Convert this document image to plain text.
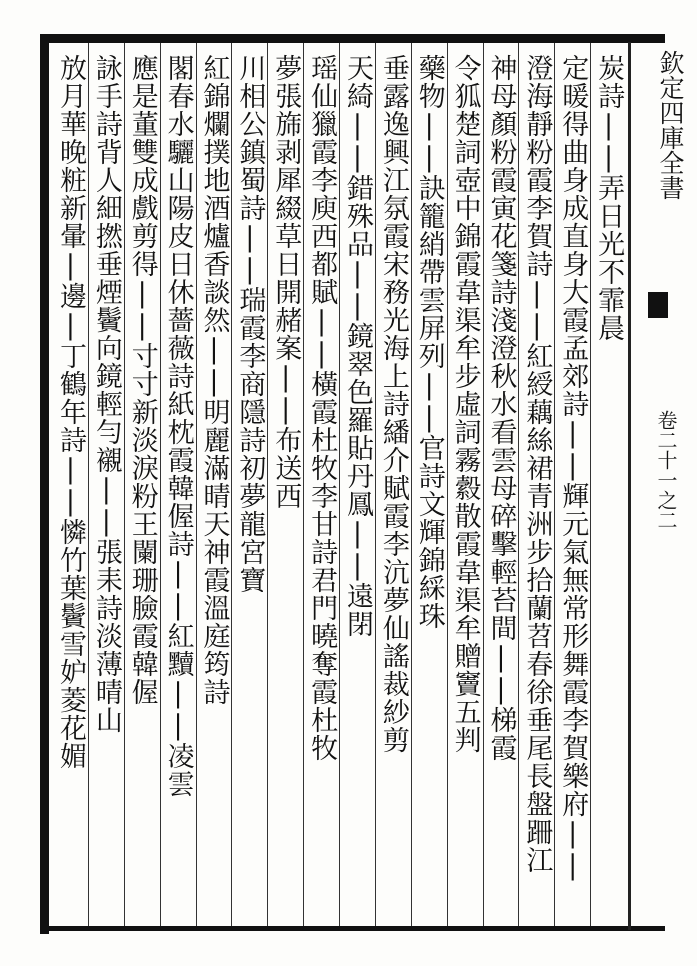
欽定四庫全書
卷二十一之二
炭詩||弄日光不霏晨
定暖得曲身成直身大霞孟郊詩||輝元氣無常形舞霞李賀樂府||
澄海靜粉霞李賀詩||紅綬藕絲裙青洲步拾蘭苕春徐垂尾長盤跚江
神母顏粉霞寅花箋詩淺澄秋水看雲母碎擊輕苔間||梯霞
令狐楚詞壺中錦霞韋渠牟步虛詞霧縠散霞韋渠牟贈竇五判
藥物||訣籠綃帶雲屏列||官詩文輝錦綵珠
垂露逸興江氛霞宋務光海上詩繙介賦霞李沆夢仙謠裁紗剪
天綺||錯殊品||鏡翠色羅貼丹鳳||遠閉
瑶仙獵霞李庾西都賦||橫霞杜牧李甘詩君門曉奪霞杜牧
夢張旆剥犀綴草日開赭案||布送西
川相公鎮蜀詩||瑞霞李商隱詩初夢龍宮寶
紅錦爛撲地酒爐香談然||明麗滿晴天神霞溫庭筠詩
閣春水驪山陽皮日休薔薇詩紙枕霞韓偓詩||紅黷||凌雲
應是董雙成戲剪得||寸寸新淡淚粉王闌珊臉霞韓偓
詠手詩背人細撚垂煙鬢向鏡輕勻襯||張耒詩淡薄晴山
放月華晚粧新暈|邊|丁鶴年詩||憐竹葉鬢雪妒菱花媚
